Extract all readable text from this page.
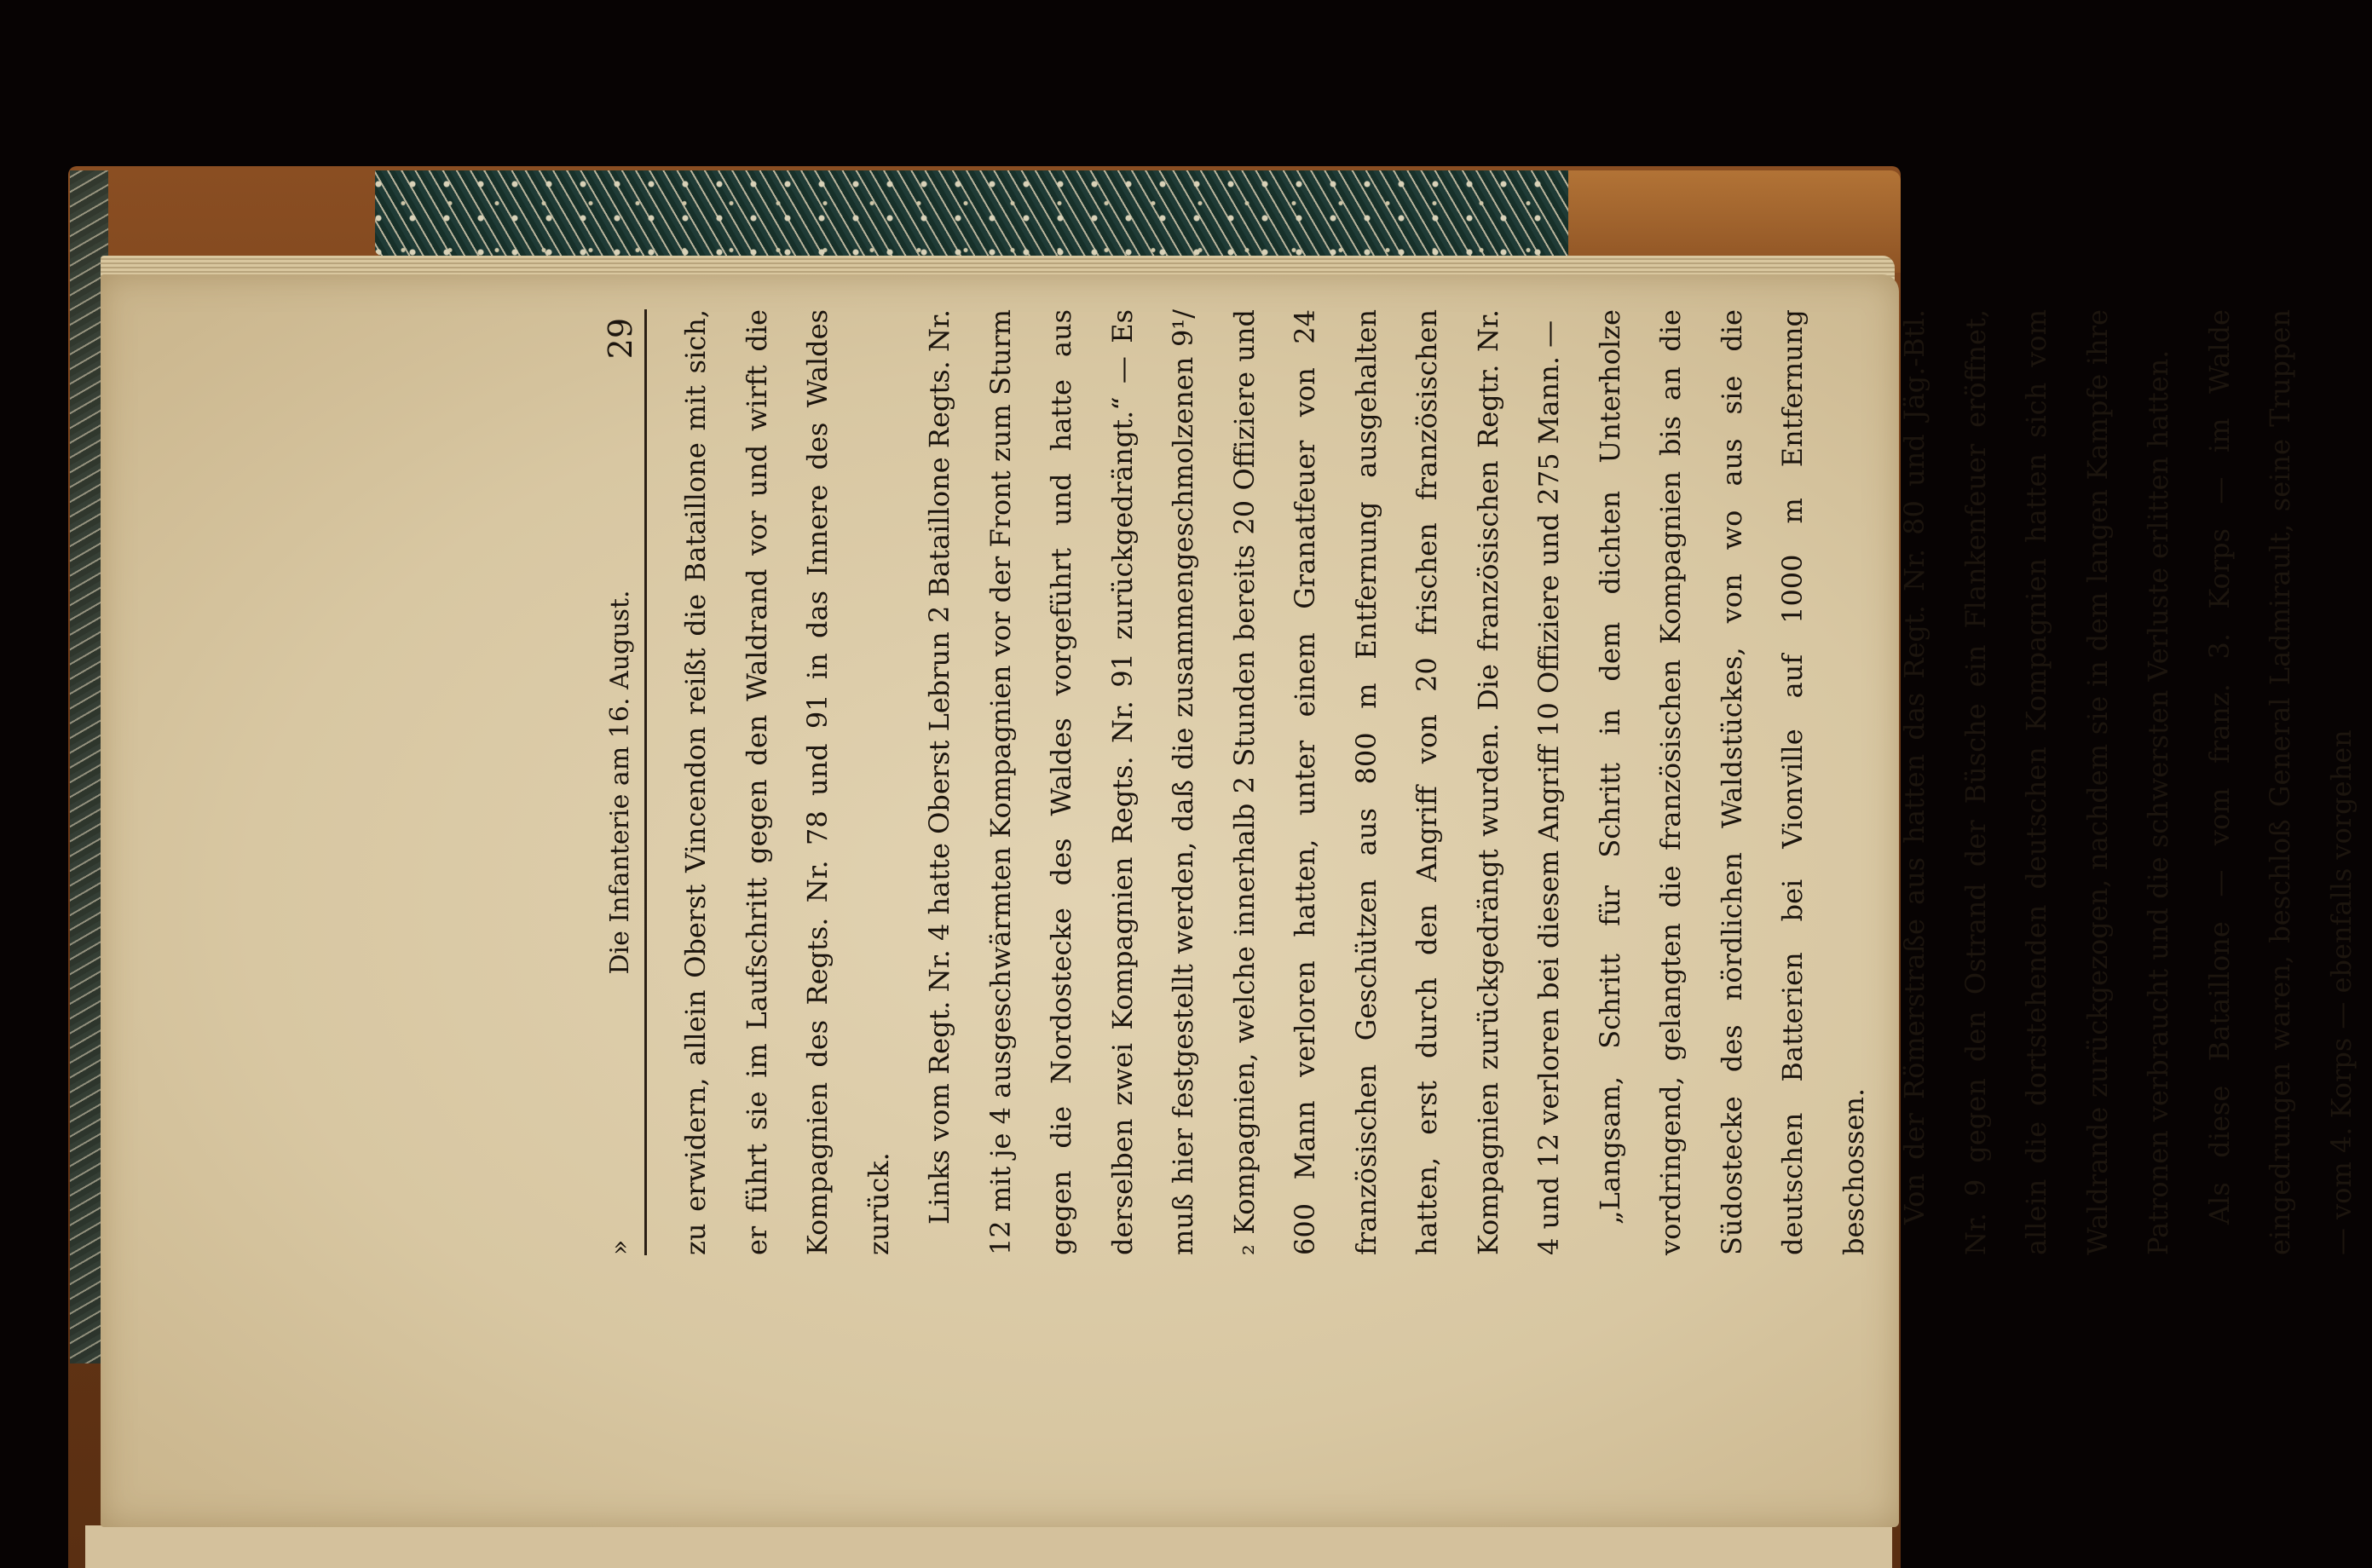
»
Die Infanterie am 16. August.
29	zu erwidern, allein Oberst Vincendon reißt die Bataillone mit sich, er führt sie im Laufschritt gegen den Waldrand vor und wirft die Kompagnien des Regts. Nr. 78 und 91 in das Innere des Waldes zurück.	Links vom Regt. Nr. 4 hatte Oberst Lebrun 2 Bataillone Regts. Nr. 12 mit je 4 ausgeschwärmten Kompagnien vor der Front zum Sturm gegen die Nordostecke des Waldes vorgeführt und hatte aus derselben zwei Kompagnien Regts. Nr. 91 zurückgedrängt.“ — Es muß hier festgestellt werden, daß die zusammengeschmolzenen 9¹/₂ Kompagnien, welche innerhalb 2 Stunden bereits 20 Offiziere und 600 Mann verloren hatten, unter einem Granatfeuer von 24 französischen Geschützen aus 800 m Entfernung ausgehalten hatten, erst durch den Angriff von 20 frischen französischen Kompagnien zurückgedrängt wurden. Die französischen Regtr. Nr. 4 und 12 verloren bei diesem Angriff 10 Offiziere und 275 Mann. —	„Langsam, Schritt für Schritt in dem dichten Unterholze vordringend, gelangten die französischen Kompagnien bis an die Südostecke des nördlichen Waldstückes, von wo aus sie die deutschen Batterien bei Vionville auf 1000 m Entfernung beschossen.	Von der Römerstraße aus hatten das Regt. Nr. 80 und Jäg.-Btl. Nr. 9 gegen den Ostrand der Büsche ein Flankenfeuer eröffnet, allein die dortstehenden deutschen Kompagnien hatten sich vom Waldrande zurückgezogen, nachdem sie in dem langen Kampfe ihre Patronen verbraucht und die schwersten Verluste erlitten hatten.	Als diese Bataillone — vom franz. 3. Korps — im Walde eingedrungen waren, beschloß General Ladmirault, seine Truppen — vom 4. Korps — ebenfalls vorgehen
